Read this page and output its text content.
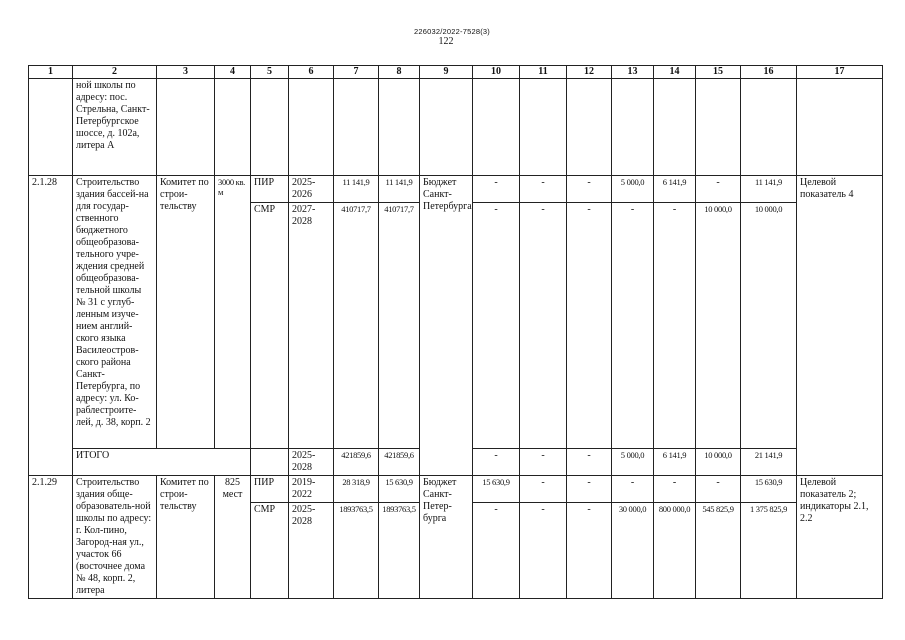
226032/2022-7528(3)
122
1	2	3	4	5	6	7	8	9	10	11	12	13	14	15	16	17
	ной школы по адресу: пос. Стрельна, Санкт-Петербургское шоссе, д. 102а, литера А															
2.1.28	Строительство здания бассей-на для государ-ственного бюджетного общеобразова-тельного учре-ждения средней общеобразова-тельной школы № 31 с углуб-ленным изуче-нием англий-ского языка Василеостров-ского района Санкт-Петербурга, по адресу: ул. Ко-раблестроите-лей, д. 38, корп. 2	Комитет по строи-тельству	3000 кв. м	ПИР	2025-2026	11 141,9	11 141,9	Бюджет Санкт-Петербурга	-	-	-	5 000,0	6 141,9	-	11 141,9	Целевой показатель 4
				СМР	2027-2028	410717,7	410717,7		-	-	-	-	-	10 000,0	10 000,0	
	ИТОГО				2025-2028	421859,6	421859,6		-	-	-	5 000,0	6 141,9	10 000,0	21 141,9	
2.1.29	Строительство здания обще-образователь-ной школы по адресу: г. Кол-пино, Загород-ная ул., участок 66 (восточнее дома № 48, корп. 2, литера	Комитет по строи-тельству	825 мест	ПИР	2019-2022	28 318,9	15 630,9	Бюджет Санкт-Петер-бурга	15 630,9	-	-	-	-	-	15 630,9	Целевой показатель 2; индикаторы 2.1, 2.2
				СМР	2025-2028	1893763,5	1893763,5		-	-	-	30 000,0	800 000,0	545 825,9	1 375 825,9	
